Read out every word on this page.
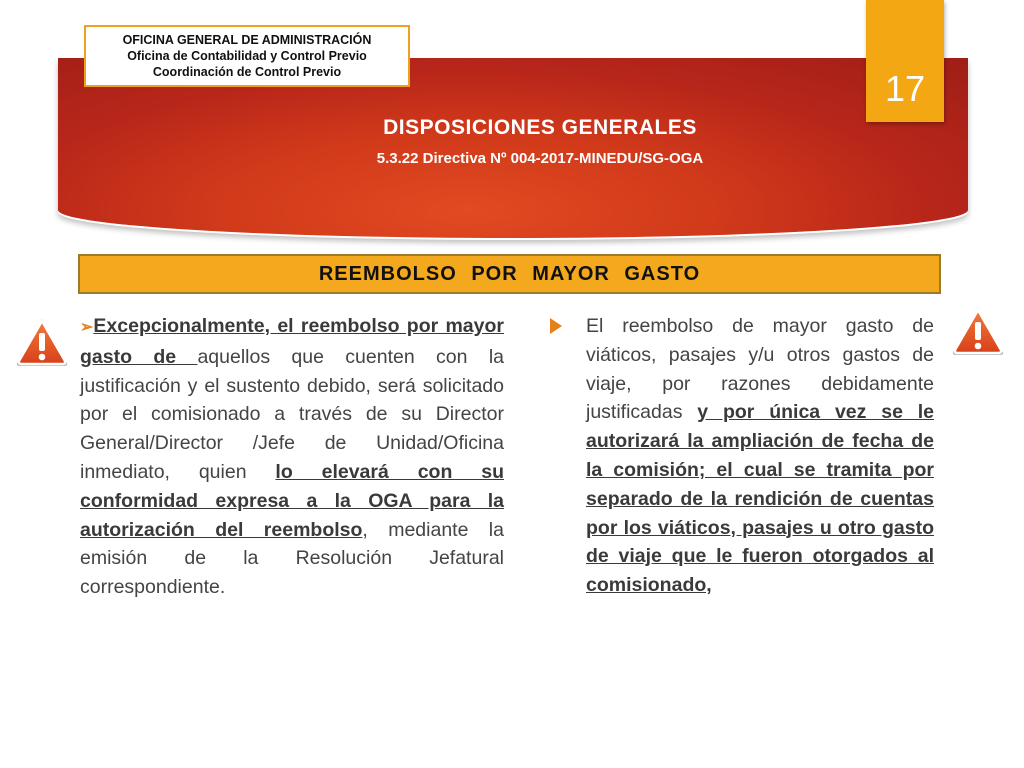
OFICINA GENERAL DE ADMINISTRACIÓN
Oficina de Contabilidad y Control Previo
Coordinación de Control Previo	17
DISPOSICIONES GENERALES
5.3.22 Directiva Nº 004-2017-MINEDU/SG-OGA
REEMBOLSO POR MAYOR GASTO
➢Excepcionalmente, el reembolso por mayor gasto de aquellos que cuenten con la justificación y el sustento debido, será solicitado por el comisionado a través de su Director General/Director /Jefe de Unidad/Oficina inmediato, quien lo elevará con su conformidad expresa a la OGA para la autorización del reembolso, mediante la emisión de la Resolución Jefatural correspondiente.
El reembolso de mayor gasto de viáticos, pasajes y/u otros gastos de viaje, por razones debidamente justificadas y por única vez se le autorizará la ampliación de fecha de la comisión; el cual se tramita por separado de la rendición de cuentas por los viáticos, pasajes u otro gasto de viaje que le fueron otorgados al comisionado,
